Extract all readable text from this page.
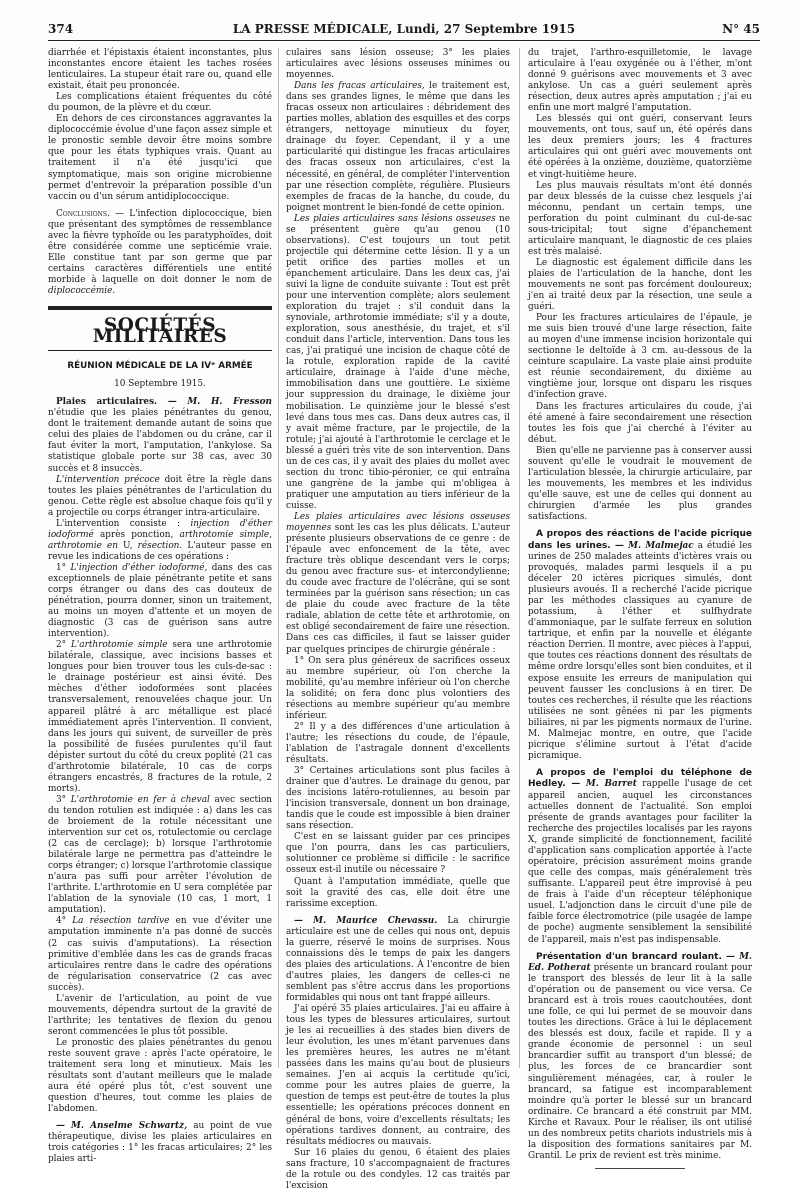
374	LA PRESSE MÉDICALE, Lundi, 27 Septembre 1915	N° 45

diarrhée et l'épistaxis étaient inconstantes, plus inconstantes encore étaient les taches rosées lenticulaires. La stupeur était rare ou, quand elle existait, était peu prononcée.

Les complications étaient fréquentes du côté du poumon, de la plèvre et du cœur.

En dehors de ces circonstances aggravantes la diplococcémie évolue d'une façon assez simple et le pronostic semble devoir être moins sombre que pour les états typhiques vrais. Quant au traitement il n'a été jusqu'ici que symptomatique, mais son origine microbienne permet d'entrevoir la préparation possible d'un vaccin ou d'un sérum antidiplococcique.

Conclusions. — L'infection diplococcique, bien que présentant des symptômes de ressemblance avec la fièvre typhoïde ou les paratyphoïdes, doit être considérée comme une septicémie vraie. Elle constitue tant par son germe que par certains caractères différentiels une entité morbide à laquelle on doit donner le nom de diplococcémie.

SOCIÉTÉS MILITAIRES
RÉUNION MÉDICALE DE LA IVᵉ ARMÉE
10 Septembre 1915.

Plaies articulaires. — M. H. Fresson n'étudie que les plaies pénétrantes du genou, dont le traitement demande autant de soins que celui des plaies de l'abdomen ou du crâne, car il faut éviter la mort, l'amputation, l'ankylose. Sa statistique globale porte sur 38 cas, avec 30 succès et 8 insuccès.

L'intervention précoce doit être la règle dans toutes les plaies pénétrantes de l'articulation du genou. Cette règle est absolue chaque fois qu'il y a projectile ou corps étranger intra-articulaire.

L'intervention consiste : injection d'éther iodoformé après ponction, arthrotomie simple, arthrotomie en U, résection. L'auteur passe en revue les indications de ces opérations :

1° L'injection d'éther iodoformé, dans des cas exceptionnels de plaie pénétrante petite et sans corps étranger ou dans des cas douteux de pénétration, pourra donner, sinon un traitement, au moins un moyen d'attente et un moyen de diagnostic (3 cas de guérison sans autre intervention).

2° L'arthrotomie simple sera une arthrotomie bilatérale, classique, avec incisions basses et longues pour bien trouver tous les culs-de-sac : le drainage postérieur est ainsi évité. Des mèches d'éther iodoformées sont placées transversalement, renouvelées chaque jour. Un appareil plâtré à arc métallique est placé immédiatement après l'intervention. Il convient, dans les jours qui suivent, de surveiller de près la possibilité de fusées purulentes qu'il faut dépister surtout du côté du creux poplité (21 cas d'arthrotomie bilatérale, 10 cas de corps étrangers encastrés, 8 fractures de la rotule, 2 morts).

3° L'arthrotomie en fer à cheval avec section du tendon rotulien est indiquée : a) dans les cas de broiement de la rotule nécessitant une intervention sur cet os, rotulectomie ou cerclage (2 cas de cerclage); b) lorsque l'arthrotomie bilatérale large ne permettra pas d'atteindre le corps étranger; c) lorsque l'arthrotomie classique n'aura pas suffi pour arrêter l'évolution de l'arthrite. L'arthrotomie en U sera complétée par l'ablation de la synoviale (10 cas, 1 mort, 1 amputation).

4° La résection tardive en vue d'éviter une amputation imminente n'a pas donné de succès (2 cas suivis d'amputations). La résection primitive d'emblée dans les cas de grands fracas articulaires rentre dans le cadre des opérations de régularisation conservatrice (2 cas avec succès).

L'avenir de l'articulation, au point de vue mouvements, dépendra surtout de la gravité de l'arthrite; les tentatives de flexion du genou seront commencées le plus tôt possible.

Le pronostic des plaies pénétrantes du genou reste souvent grave : après l'acte opératoire, le traitement sera long et minutieux. Mais les résultats sont d'autant meilleurs que le malade aura été opéré plus tôt, c'est souvent une question d'heures, tout comme les plaies de l'abdomen.

— M. Anselme Schwartz, au point de vue thérapeutique, divise les plaies articulaires en trois catégories : 1° les fracas articulaires; 2° les plaies arti-

culaires sans lésion osseuse; 3° les plaies articulaires avec lésions osseuses minimes ou moyennes.

Dans les fracas articulaires, le traitement est, dans ses grandes lignes, le même que dans les fracas osseux non articulaires : débridement des parties molles, ablation des esquilles et des corps étrangers, nettoyage minutieux du foyer, drainage du foyer. Cependant, il y a une particularité qui distingue les fracas articulaires des fracas osseux non articulaires, c'est la nécessité, en général, de compléter l'intervention par une résection complète, régulière. Plusieurs exemples de fracas de la hanche, du coude, du poignet montrent le bien-fondé de cette opinion.

Les plaies articulaires sans lésions osseuses ne se présentent guère qu'au genou (10 observations). C'est toujours un tout petit projectile qui détermine cette lésion. Il y a un petit orifice des parties molles et un épanchement articulaire. Dans les deux cas, j'ai suivi la ligne de conduite suivante : Tout est prêt pour une intervention complète; alors seulement exploration du trajet : s'il conduit dans la synoviale, arthrotomie immédiate; s'il y a doute, exploration, sous anesthésie, du trajet, et s'il conduit dans l'article, intervention. Dans tous les cas, j'ai pratiqué une incision de chaque côté de la rotule, exploration rapide de la cavité articulaire, drainage à l'aide d'une mèche, immobilisation dans une gouttière. Le sixième jour suppression du drainage, le dixième jour mobilisation. Le quinzième jour le blessé s'est levé dans tous mes cas. Dans deux autres cas, il y avait même fracture, par le projectile, de la rotule; j'ai ajouté à l'arthrotomie le cerclage et le blessé a guéri très vite de son intervention. Dans un de ces cas, il y avait des plaies du mollet avec section du tronc tibio-péronier, ce qui entraîna une gangrène de la jambe qui m'obligea à pratiquer une amputation au tiers inférieur de la cuisse.

Les plaies articulaires avec lésions osseuses moyennes sont les cas les plus délicats. L'auteur présente plusieurs observations de ce genre : de l'épaule avec enfoncement de la tête, avec fracture très oblique descendant vers le corps; du genou avec fracture sus- et intercondylienne; du coude avec fracture de l'olécrâne, qui se sont terminées par la guérison sans résection; un cas de plaie du coude avec fracture de la tête radiale, ablation de cette tête et arthrotomie, on est obligé secondairement de faire une résection. Dans ces cas difficiles, il faut se laisser guider par quelques principes de chirurgie générale :

1° On sera plus généreux de sacrifices osseux au membre supérieur, où l'on cherche la mobilité, qu'au membre inférieur où l'on cherche la solidité; on fera donc plus volontiers des résections au membre supérieur qu'au membre inférieur.

2° Il y a des différences d'une articulation à l'autre; les résections du coude, de l'épaule, l'ablation de l'astragale donnent d'excellents résultats.

3° Certaines articulations sont plus faciles à drainer que d'autres. Le drainage du genou, par des incisions latéro-rotuliennes, au besoin par l'incision transversale, donnent un bon drainage, tandis que le coude est impossible à bien drainer sans résection.

C'est en se laissant guider par ces principes que l'on pourra, dans les cas particuliers, solutionner ce problème si difficile : le sacrifice osseux est-il inutile ou nécessaire ?

Quant à l'amputation immédiate, quelle que soit la gravité des cas, elle doit être une rarissime exception.

— M. Maurice Chevassu. La chirurgie articulaire est une de celles qui nous ont, depuis la guerre, réservé le moins de surprises. Nous connaissions dès le temps de paix les dangers des plaies des articulations. À l'encontre de bien d'autres plaies, les dangers de celles-ci ne semblent pas s'être accrus dans les proportions formidables qui nous ont tant frappé ailleurs.

J'ai opéré 35 plaies articulaires. J'ai eu affaire à tous les types de blessures articulaires, surtout je les ai recueillies à des stades bien divers de leur évolution, les unes m'étant parvenues dans les premières heures, les autres ne m'étant passées dans les mains qu'au bout de plusieurs semaines. J'en ai acquis la certitude qu'ici, comme pour les autres plaies de guerre, la question de temps est peut-être de toutes la plus essentielle; les opérations précoces donnent en général de bons, voire d'excellents résultats; les opérations tardives donnent, au contraire, des résultats médiocres ou mauvais.

Sur 16 plaies du genou, 6 étaient des plaies sans fracture, 10 s'accompagnaient de fractures de la rotule ou des condyles. 12 cas traités par l'excision

du trajet, l'arthro-esquilletomie, le lavage articulaire à l'eau oxygénée ou à l'éther, m'ont donné 9 guérisons avec mouvements et 3 avec ankylose. Un cas a guéri seulement après résection, deux autres après amputation ; j'ai eu enfin une mort malgré l'amputation.

Les blessés qui ont guéri, conservant leurs mouvements, ont tous, sauf un, été opérés dans les deux premiers jours; les 4 fractures articulaires qui ont guéri avec mouvements ont été opérées à la onzième, douzième, quatorzième et vingt-huitième heure.

Les plus mauvais résultats m'ont été donnés par deux blessés de la cuisse chez lesquels j'ai méconnu, pendant un certain temps, une perforation du point culminant du cul-de-sac sous-tricipital; tout signe d'épanchement articulaire manquant, le diagnostic de ces plaies est très malaisé.

Le diagnostic est également difficile dans les plaies de l'articulation de la hanche, dont les mouvements ne sont pas forcément douloureux; j'en ai traité deux par la résection, une seule a guéri.

Pour les fractures articulaires de l'épaule, je me suis bien trouvé d'une large résection, faite au moyen d'une immense incision horizontale qui sectionne le deltoïde à 3 cm. au-dessous de la ceinture scapulaire. La vaste plaie ainsi produite est réunie secondairement, du dixième au vingtième jour, lorsque ont disparu les risques d'infection grave.

Dans les fractures articulaires du coude, j'ai été amené à faire secondairement une résection toutes les fois que j'ai cherché à l'éviter au début.

Bien qu'elle ne parvienne pas à conserver aussi souvent qu'elle le voudrait le mouvement de l'articulation blessée, la chirurgie articulaire, par les mouvements, les membres et les individus qu'elle sauve, est une de celles qui donnent au chirurgien d'armée les plus grandes satisfactions.

A propos des réactions de l'acide picrique dans les urines. — M. Malmejac a étudié les urines de 250 malades atteints d'ictères vrais ou provoqués, malades parmi lesquels il a pu déceler 20 ictères picriques simulés, dont plusieurs avoués. Il a recherché l'acide picrique par les méthodes classiques au cyanure de potassium, à l'éther et sulfhydrate d'ammoniaque, par le sulfate ferreux en solution tartrique, et enfin par la nouvelle et élégante réaction Derrien. Il montre, avec pièces à l'appui, que toutes ces réactions donnent des résultats de même ordre lorsqu'elles sont bien conduites, et il expose ensuite les erreurs de manipulation qui peuvent fausser les conclusions à en tirer. De toutes ces recherches, il résulte que les réactions utilisées ne sont gênées ni par les pigments biliaires, ni par les pigments normaux de l'urine. M. Malmejac montre, en outre, que l'acide picrique s'élimine surtout à l'état d'acide picramique.

A propos de l'emploi du téléphone de Hedley. — M. Barret rappelle l'usage de cet appareil ancien, auquel les circonstances actuelles donnent de l'actualité. Son emploi présente de grands avantages pour faciliter la recherche des projectiles localisés par les rayons X, grande simplicité de fonctionnement, facilité d'application sans complication apportée à l'acte opératoire, précision assurément moins grande que celle des compas, mais généralement très suffisante. L'appareil peut être improvisé à peu de frais à l'aide d'un récepteur téléphonique usuel. L'adjonction dans le circuit d'une pile de faible force électromotrice (pile usagée de lampe de poche) augmente sensiblement la sensibilité de l'appareil, mais n'est pas indispensable.

Présentation d'un brancard roulant. — M. Ed. Potherat présente un brancard roulant pour le transport des blessés de leur lit à la salle d'opération ou de pansement ou vice versa. Ce brancard est à trois roues caoutchoutées, dont une folle, ce qui lui permet de se mouvoir dans toutes les directions. Grâce à lui le déplacement des blessés est doux, facile et rapide. Il y a grande économie de personnel : un seul brancardier suffit au transport d'un blessé; de plus, les forces de ce brancardier sont singulièrement ménagées, car, à rouler le brancard, sa fatigue est incomparablement moindre qu'à porter le blessé sur un brancard ordinaire. Ce brancard a été construit par MM. Kirche et Ravaux. Pour le réaliser, ils ont utilisé un des nombreux petits chariots industriels mis à la disposition des formations sanitaires par M. Grantil. Le prix de revient est très minime.
